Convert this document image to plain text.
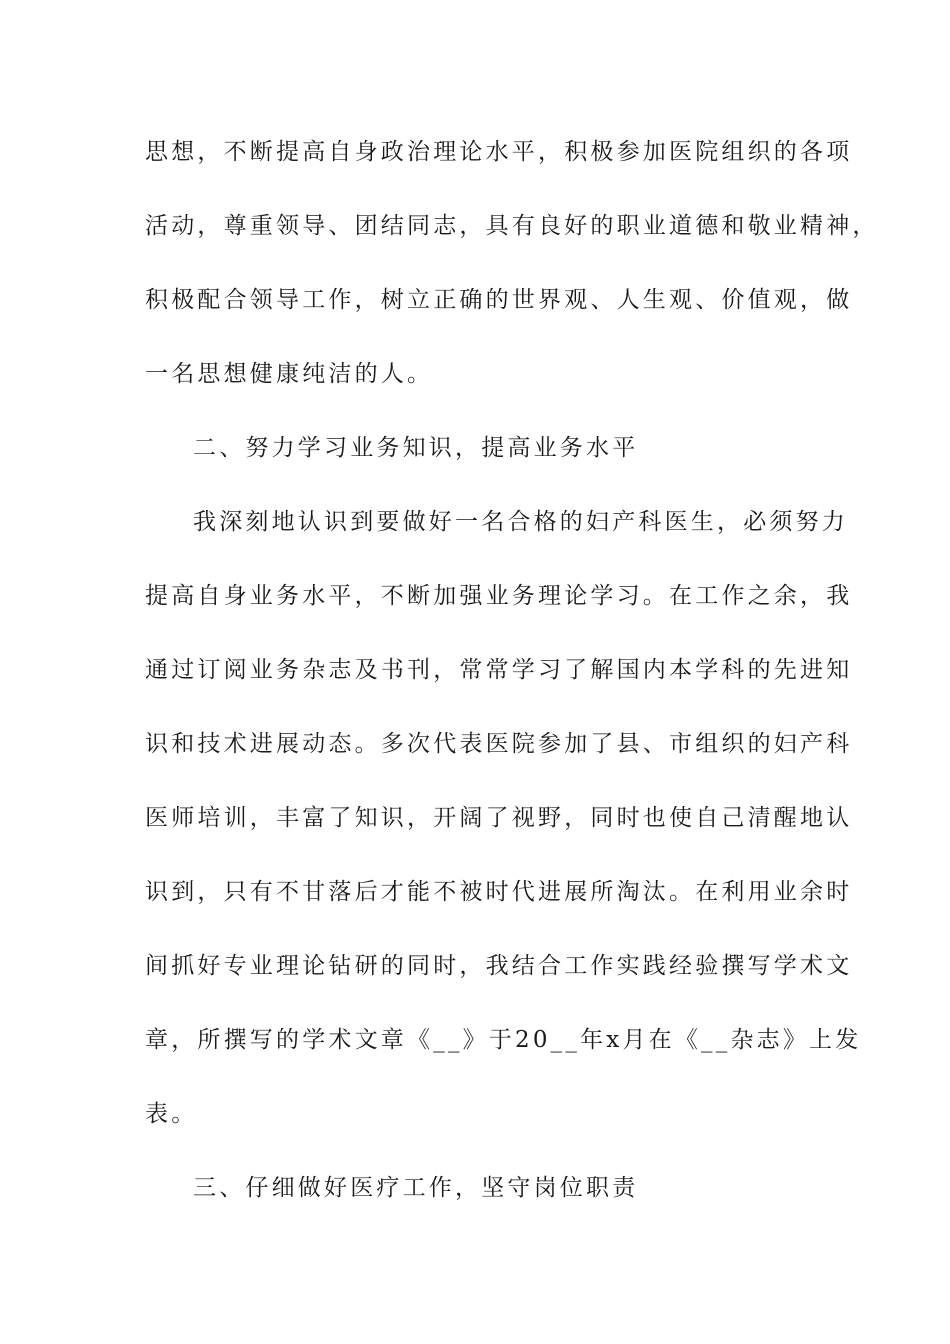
思想，不断提高自身政治理论水平，积极参加医院组织的各项
活动，尊重领导、团结同志，具有良好的职业道德和敬业精神，
积极配合领导工作，树立正确的世界观、人生观、价值观，做
一名思想健康纯洁的人。
二、努力学习业务知识，提高业务水平
我深刻地认识到要做好一名合格的妇产科医生，必须努力
提高自身业务水平，不断加强业务理论学习。在工作之余，我
通过订阅业务杂志及书刊，常常学习了解国内本学科的先进知
识和技术进展动态。多次代表医院参加了县、市组织的妇产科
医师培训，丰富了知识，开阔了视野，同时也使自己清醒地认
识到，只有不甘落后才能不被时代进展所淘汰。在利用业余时
间抓好专业理论钻研的同时，我结合工作实践经验撰写学术文
章，所撰写的学术文章《__》于20__年x月在《__杂志》上发
表。
三、仔细做好医疗工作，坚守岗位职责
